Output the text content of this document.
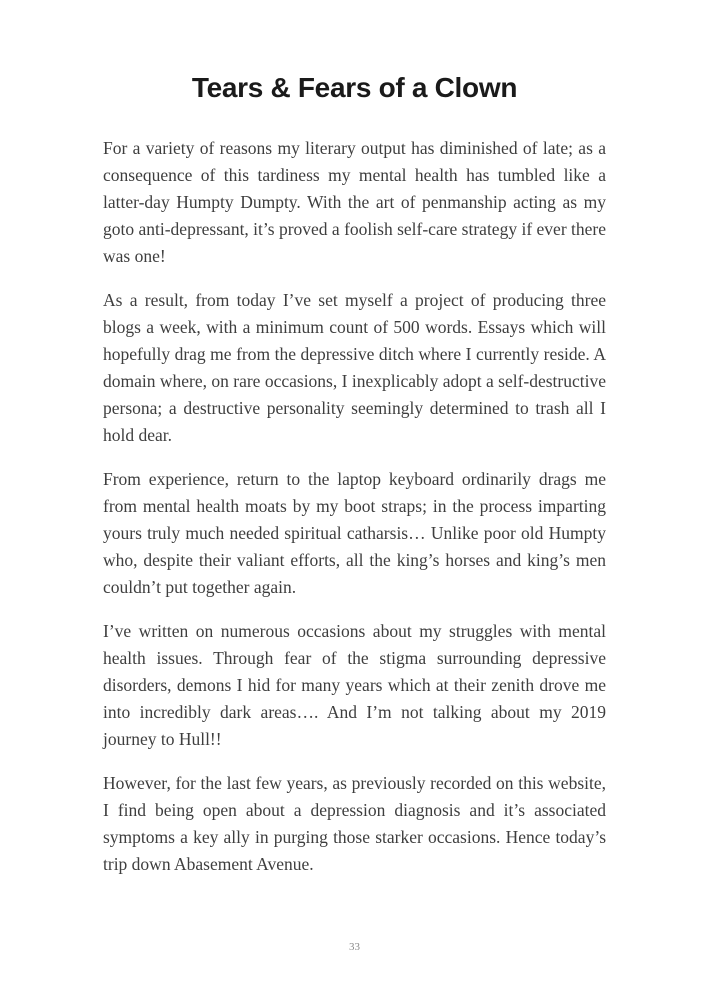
Tears & Fears of a Clown

For a variety of reasons my literary output has diminished of late; as a consequence of this tardiness my mental health has tumbled like a latter-day Humpty Dumpty. With the art of penmanship acting as my goto anti-depressant, it’s proved a foolish self-care strategy if ever there was one!

As a result, from today I’ve set myself a project of producing three blogs a week, with a minimum count of 500 words. Essays which will hopefully drag me from the depressive ditch where I currently reside. A domain where, on rare occasions, I inexplicably adopt a self-destructive persona; a destructive personality seemingly determined to trash all I hold dear.

From experience, return to the laptop keyboard ordinarily drags me from mental health moats by my boot straps; in the process imparting yours truly much needed spiritual catharsis… Unlike poor old Humpty who, despite their valiant efforts, all the king’s horses and king’s men couldn’t put together again.

I’ve written on numerous occasions about my struggles with mental health issues. Through fear of the stigma surrounding depressive disorders, demons I hid for many years which at their zenith drove me into incredibly dark areas…. And I’m not talking about my 2019 journey to Hull!!

However, for the last few years, as previously recorded on this website, I find being open about a depression diagnosis and it’s associated symptoms a key ally in purging those starker occasions. Hence today’s trip down Abasement Avenue.

33
